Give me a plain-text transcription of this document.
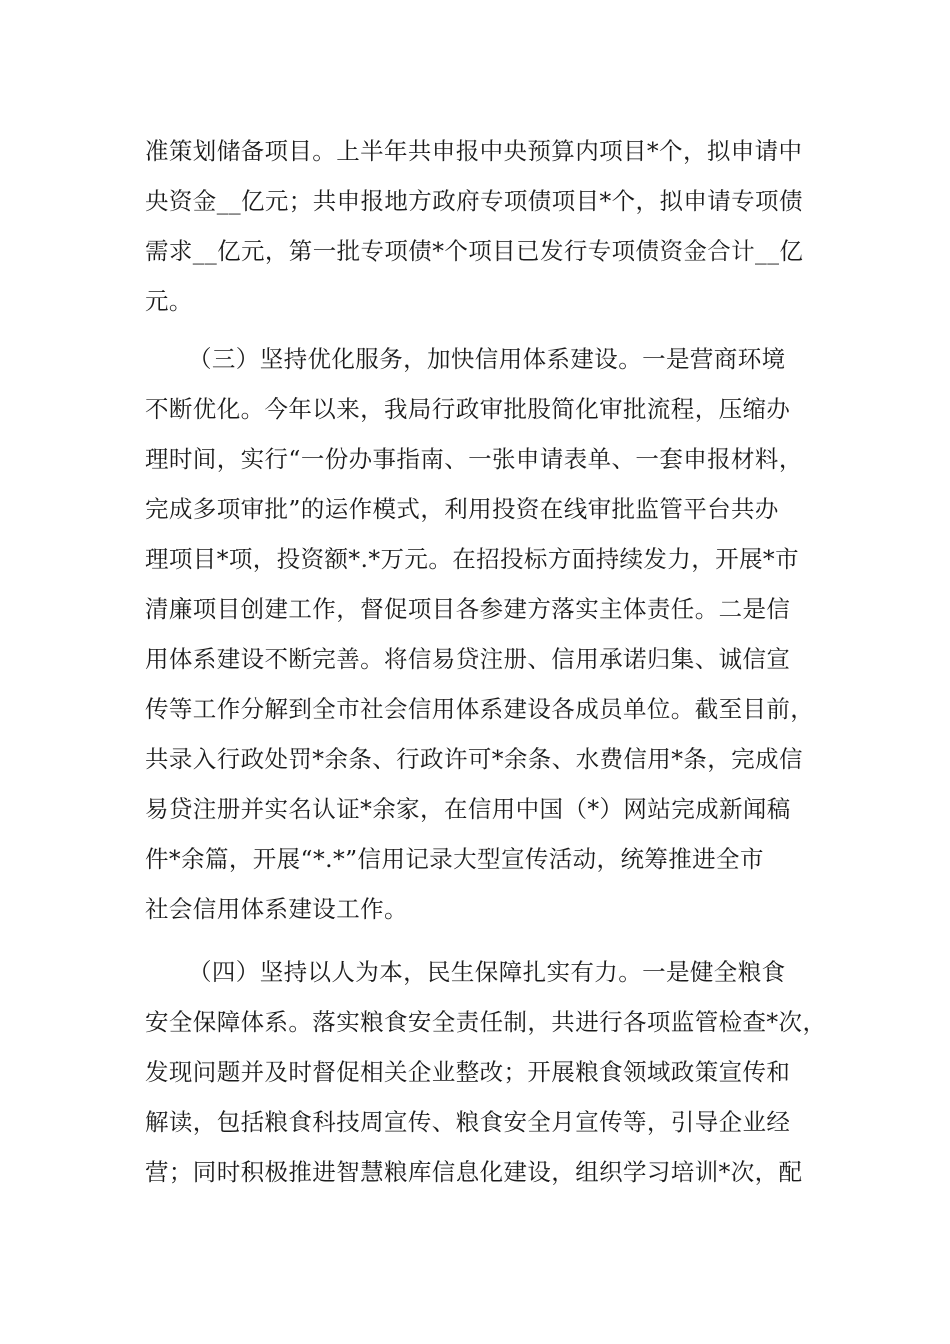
准策划储备项目。上半年共申报中央预算内项目*个，拟申请中
央资金__亿元；共申报地方政府专项债项目*个，拟申请专项债
需求__亿元，第一批专项债*个项目已发行专项债资金合计__亿
元。
（三）坚持优化服务，加快信用体系建设。一是营商环境
不断优化。今年以来，我局行政审批股简化审批流程，压缩办
理时间，实行“一份办事指南、一张申请表单、一套申报材料，
完成多项审批”的运作模式，利用投资在线审批监管平台共办
理项目*项，投资额*.*万元。在招投标方面持续发力，开展*市
清廉项目创建工作，督促项目各参建方落实主体责任。二是信
用体系建设不断完善。将信易贷注册、信用承诺归集、诚信宣
传等工作分解到全市社会信用体系建设各成员单位。截至目前，
共录入行政处罚*余条、行政许可*余条、水费信用*条，完成信
易贷注册并实名认证*余家，在信用中国（*）网站完成新闻稿
件*余篇，开展“*.*”信用记录大型宣传活动，统筹推进全市
社会信用体系建设工作。
（四）坚持以人为本，民生保障扎实有力。一是健全粮食
安全保障体系。落实粮食安全责任制，共进行各项监管检查*次，
发现问题并及时督促相关企业整改；开展粮食领域政策宣传和
解读，包括粮食科技周宣传、粮食安全月宣传等，引导企业经
营；同时积极推进智慧粮库信息化建设，组织学习培训*次，配
